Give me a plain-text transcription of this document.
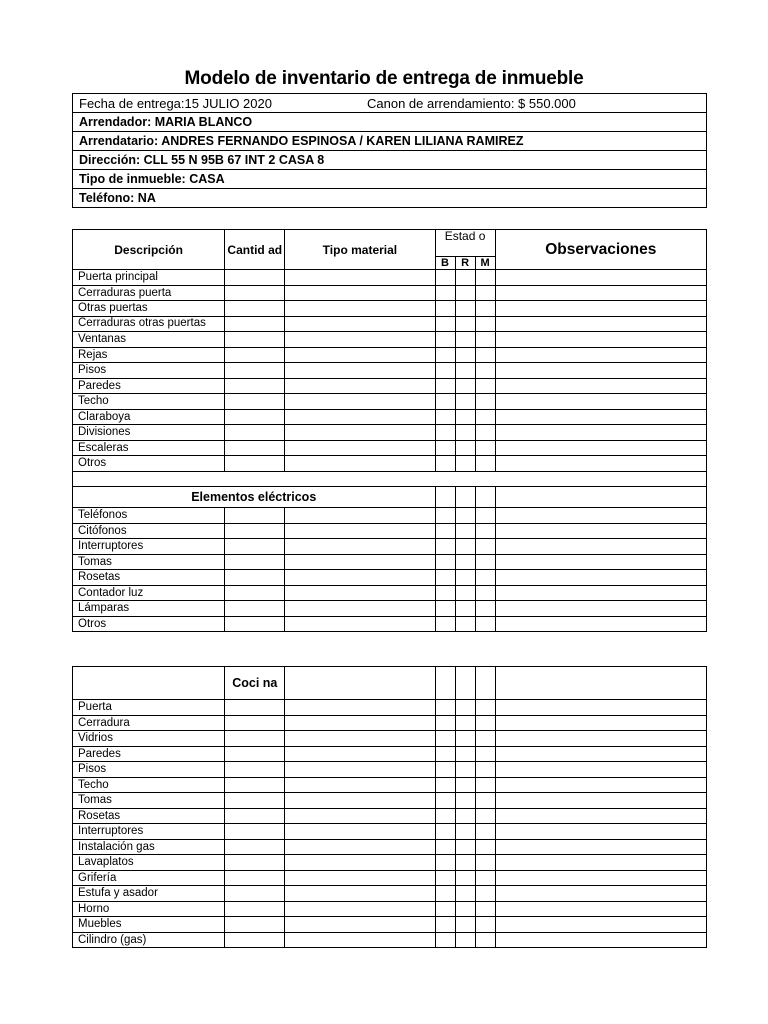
Modelo de inventario de entrega de inmueble
Fecha de entrega:15 JULIO 2020	Canon de arrendamiento: $ 550.000
Arrendador: MARIA BLANCO
Arrendatario: ANDRES FERNANDO ESPINOSA / KAREN LILIANA RAMIREZ
Dirección: CLL 55 N 95B 67 INT 2 CASA 8
Tipo de inmueble: CASA
Teléfono: NA
Descripción	Cantid ad	Tipo material	Estad o			Observaciones
			B	R	M	
Puerta principal						
Cerraduras puerta						
Otras puertas						
Cerraduras otras puertas						
Ventanas						
Rejas						
Pisos						
Paredes						
Techo						
Claraboya						
Divisiones						
Escaleras						
Otros						

Elementos eléctricos						
Teléfonos						
Citófonos						
Interruptores						
Tomas						
Rosetas						
Contador luz						
Lámparas						
Otros						
	Coci na					
Puerta						
Cerradura						
Vidrios						
Paredes						
Pisos						
Techo						
Tomas						
Rosetas						
Interruptores						
Instalación gas						
Lavaplatos						
Grifería						
Estufa y asador						
Horno						
Muebles						
Cilindro (gas)						
